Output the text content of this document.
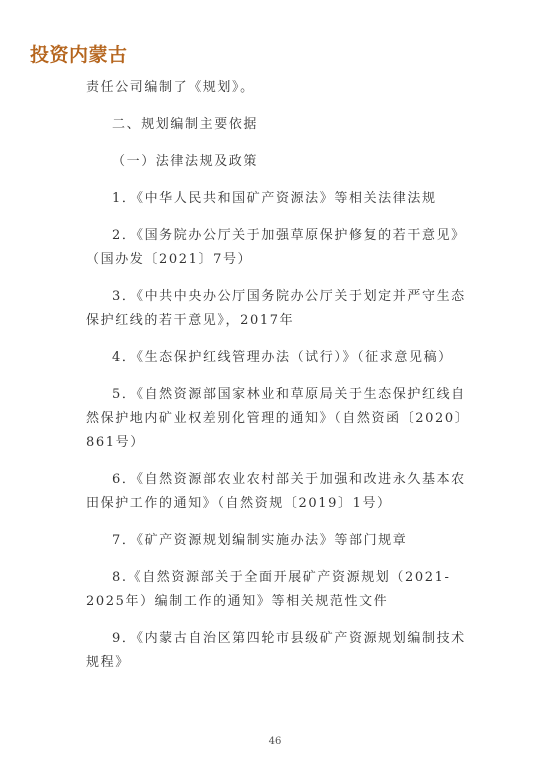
投资内蒙古

责任公司编制了《规划》。

二、规划编制主要依据

（一）法律法规及政策

1．《中华人民共和国矿产资源法》等相关法律法规

2．《国务院办公厅关于加强草原保护修复的若干意见》（国办发〔2021〕7号）

3．《中共中央办公厅国务院办公厅关于划定并严守生态保护红线的若干意见》，2017年

4．《生态保护红线管理办法（试行）》（征求意见稿）

5．《自然资源部国家林业和草原局关于生态保护红线自然保护地内矿业权差别化管理的通知》（自然资函〔2020〕861号）

6．《自然资源部农业农村部关于加强和改进永久基本农田保护工作的通知》（自然资规〔2019〕1号）

7．《矿产资源规划编制实施办法》等部门规章

8.《自然资源部关于全面开展矿产资源规划（2021-2025年）编制工作的通知》等相关规范性文件

9．《内蒙古自治区第四轮市县级矿产资源规划编制技术规程》

46
